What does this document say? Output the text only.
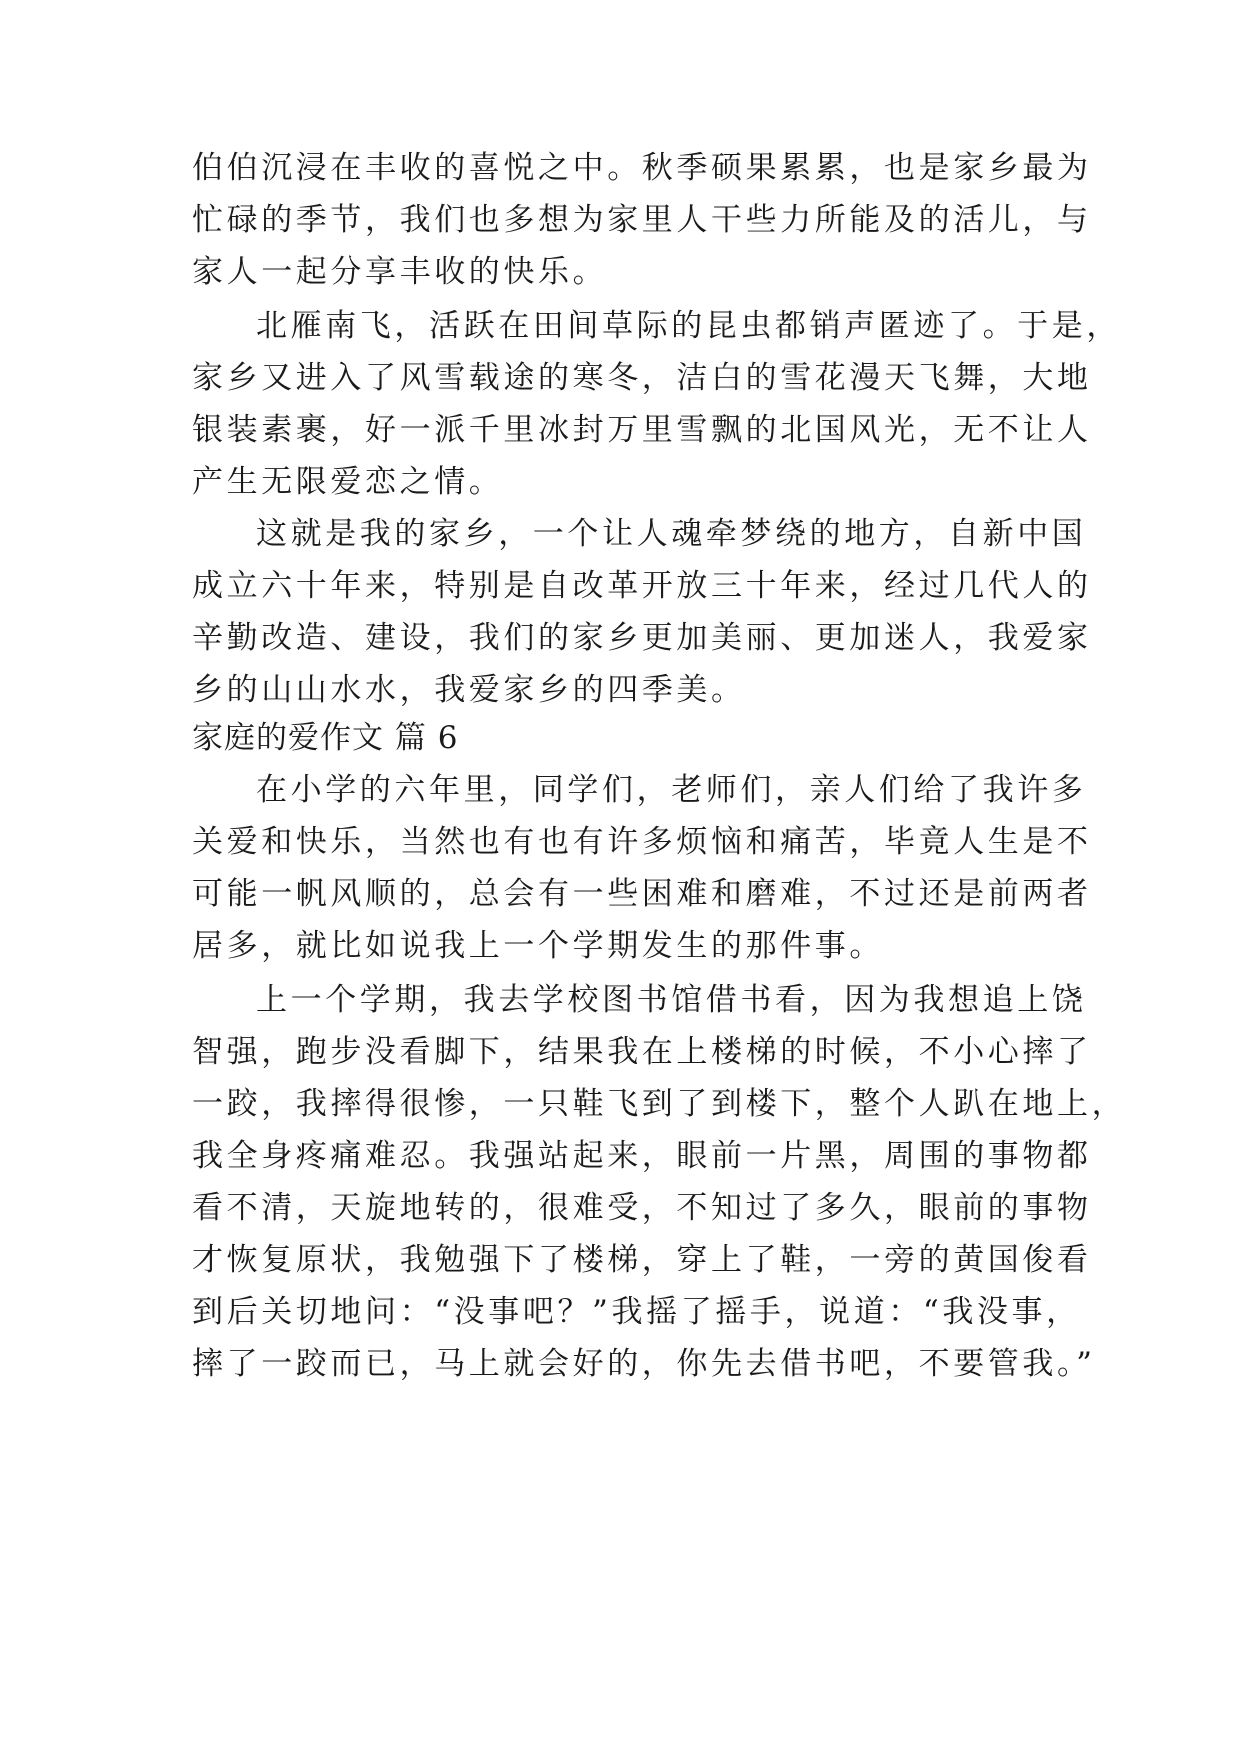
伯伯沉浸在丰收的喜悦之中。秋季硕果累累，也是家乡最为
忙碌的季节，我们也多想为家里人干些力所能及的活儿，与
家人一起分享丰收的快乐。
北雁南飞，活跃在田间草际的昆虫都销声匿迹了。于是，
家乡又进入了风雪载途的寒冬，洁白的雪花漫天飞舞，大地
银装素裹，好一派千里冰封万里雪飘的北国风光，无不让人
产生无限爱恋之情。
这就是我的家乡，一个让人魂牵梦绕的地方，自新中国
成立六十年来，特别是自改革开放三十年来，经过几代人的
辛勤改造、建设，我们的家乡更加美丽、更加迷人，我爱家
乡的山山水水，我爱家乡的四季美。
家庭的爱作文 篇 6
在小学的六年里，同学们，老师们，亲人们给了我许多
关爱和快乐，当然也有也有许多烦恼和痛苦，毕竟人生是不
可能一帆风顺的，总会有一些困难和磨难，不过还是前两者
居多，就比如说我上一个学期发生的那件事。
上一个学期，我去学校图书馆借书看，因为我想追上饶
智强，跑步没看脚下，结果我在上楼梯的时候，不小心摔了
一跤，我摔得很惨，一只鞋飞到了到楼下，整个人趴在地上，
我全身疼痛难忍。我强站起来，眼前一片黑，周围的事物都
看不清，天旋地转的，很难受，不知过了多久，眼前的事物
才恢复原状，我勉强下了楼梯，穿上了鞋，一旁的黄国俊看
到后关切地问：“没事吧？”我摇了摇手，说道：“我没事，
摔了一跤而已，马上就会好的，你先去借书吧，不要管我。”
